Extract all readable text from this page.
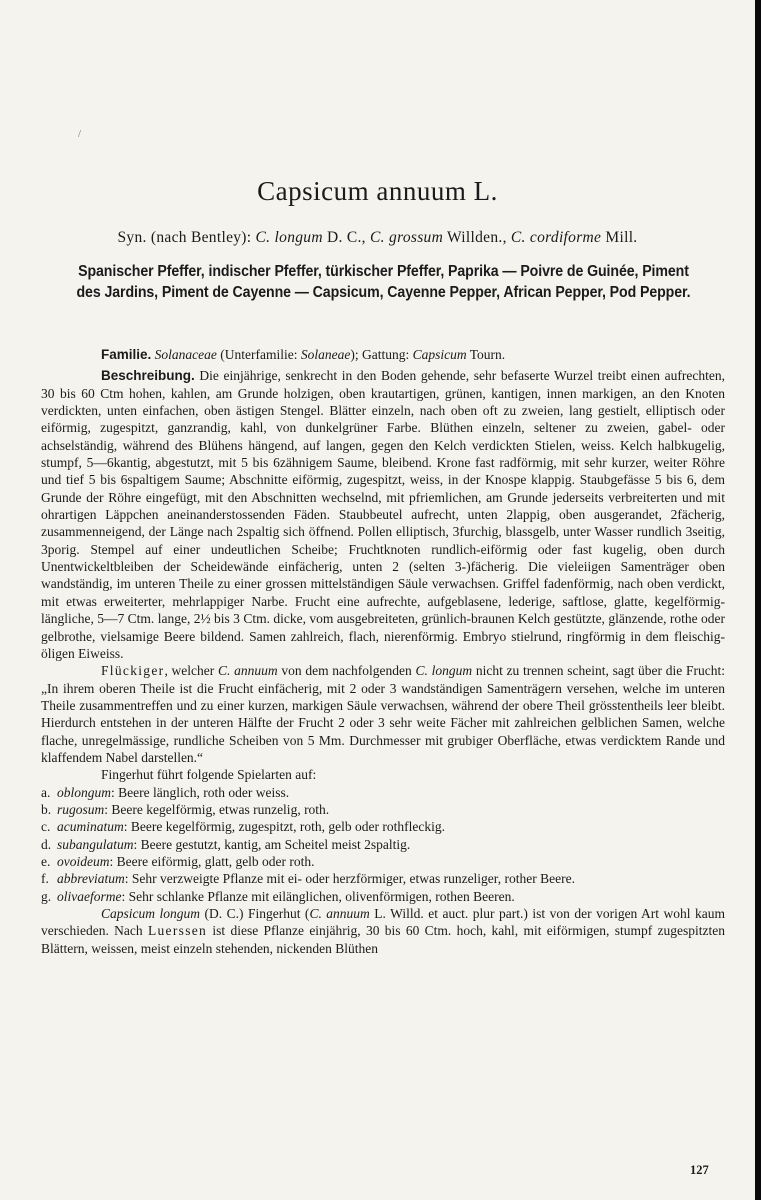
/
Capsicum annuum L.
Syn. (nach Bentley): C. longum D. C., C. grossum Willden., C. cordiforme Mill.
Spanischer Pfeffer, indischer Pfeffer, türkischer Pfeffer, Paprika — Poivre de Guinée, Piment des Jardins, Piment de Cayenne — Capsicum, Cayenne Pepper, African Pepper, Pod Pepper.

Familie. Solanaceae (Unterfamilie: Solaneae); Gattung: Capsicum Tourn.

Beschreibung. Die einjährige, senkrecht in den Boden gehende, sehr befaserte Wurzel treibt einen aufrechten, 30 bis 60 Ctm hohen, kahlen, am Grunde holzigen, oben krautartigen, grünen, kantigen, innen markigen, an den Knoten verdickten, unten einfachen, oben ästigen Stengel. Blätter einzeln, nach oben oft zu zweien, lang gestielt, elliptisch oder eiförmig, zugespitzt, ganzrandig, kahl, von dunkelgrüner Farbe. Blüthen einzeln, seltener zu zweien, gabel- oder achselständig, während des Blühens hängend, auf langen, gegen den Kelch verdickten Stielen, weiss. Kelch halbkugelig, stumpf, 5—6kantig, abgestutzt, mit 5 bis 6zähnigem Saume, bleibend. Krone fast radförmig, mit sehr kurzer, weiter Röhre und tief 5 bis 6spaltigem Saume; Abschnitte eiförmig, zugespitzt, weiss, in der Knospe klappig. Staubgefässe 5 bis 6, dem Grunde der Röhre eingefügt, mit den Abschnitten wechselnd, mit pfriemlichen, am Grunde jederseits verbreiterten und mit ohrartigen Läppchen aneinanderstossenden Fäden. Staubbeutel aufrecht, unten 2lappig, oben ausgerandet, 2fächerig, zusammenneigend, der Länge nach 2spaltig sich öffnend. Pollen elliptisch, 3furchig, blassgelb, unter Wasser rundlich 3seitig, 3porig. Stempel auf einer undeutlichen Scheibe; Fruchtknoten rundlich-eiförmig oder fast kugelig, oben durch Unentwickeltbleiben der Scheidewände einfächerig, unten 2 (selten 3-)fächerig. Die vieleiigen Samenträger oben wandständig, im unteren Theile zu einer grossen mittelständigen Säule verwachsen. Griffel fadenförmig, nach oben verdickt, mit etwas erweiterter, mehrlappiger Narbe. Frucht eine aufrechte, aufgeblasene, lederige, saftlose, glatte, kegelförmig-längliche, 5—7 Ctm. lange, 2½ bis 3 Ctm. dicke, vom ausgebreiteten, grünlich-braunen Kelch gestützte, glänzende, rothe oder gelbrothe, vielsamige Beere bildend. Samen zahlreich, flach, nierenförmig. Embryo stielrund, ringförmig in dem fleischig-öligen Eiweiss.

Flückiger, welcher C. annuum von dem nachfolgenden C. longum nicht zu trennen scheint, sagt über die Frucht: „In ihrem oberen Theile ist die Frucht einfächerig, mit 2 oder 3 wandständigen Samenträgern versehen, welche im unteren Theile zusammentreffen und zu einer kurzen, markigen Säule verwachsen, während der obere Theil grösstentheils leer bleibt. Hierdurch entstehen in der unteren Hälfte der Frucht 2 oder 3 sehr weite Fächer mit zahlreichen gelblichen Samen, welche flache, unregelmässige, rundliche Scheiben von 5 Mm. Durchmesser mit grubiger Oberfläche, etwas verdicktem Rande und klaffendem Nabel darstellen.“

Fingerhut führt folgende Spielarten auf:

a. oblongum: Beere länglich, roth oder weiss.
b. rugosum: Beere kegelförmig, etwas runzelig, roth.
c. acuminatum: Beere kegelförmig, zugespitzt, roth, gelb oder rothfleckig.
d. subangulatum: Beere gestutzt, kantig, am Scheitel meist 2spaltig.
e. ovoideum: Beere eiförmig, glatt, gelb oder roth.
f. abbreviatum: Sehr verzweigte Pflanze mit ei- oder herzförmiger, etwas runzeliger, rother Beere.
g. olivaeforme: Sehr schlanke Pflanze mit eilänglichen, olivenförmigen, rothen Beeren.

Capsicum longum (D. C.) Fingerhut (C. annuum L. Willd. et auct. plur part.) ist von der vorigen Art wohl kaum verschieden. Nach Luerssen ist diese Pflanze einjährig, 30 bis 60 Ctm. hoch, kahl, mit eiförmigen, stumpf zugespitzten Blättern, weissen, meist einzeln stehenden, nickenden Blüthen

127
